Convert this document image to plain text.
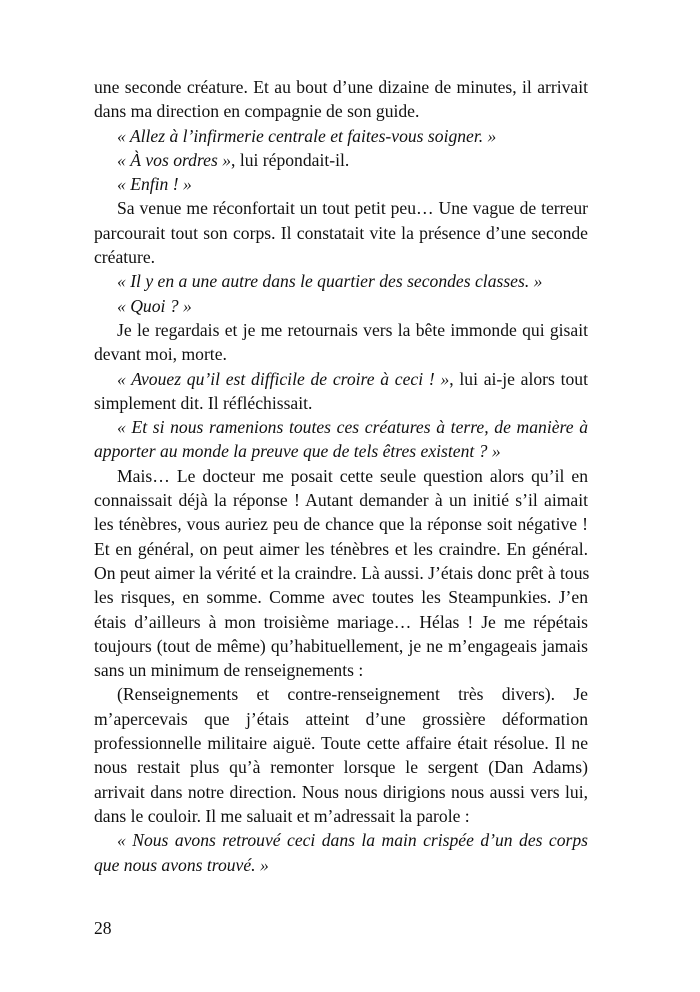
une seconde créature. Et au bout d’une dizaine de minutes, il arrivait
dans ma direction en compagnie de son guide.
« Allez à l’infirmerie centrale et faites-vous soigner. »
« À vos ordres », lui répondait-il.
« Enfin ! »
Sa venue me réconfortait un tout petit peu… Une vague de terreur
parcourait tout son corps. Il constatait vite la présence d’une seconde
créature.
« Il y en a une autre dans le quartier des secondes classes. »
« Quoi ? »
Je le regardais et je me retournais vers la bête immonde qui gisait
devant moi, morte.
« Avouez qu’il est difficile de croire à ceci ! », lui ai-je alors tout
simplement dit. Il réfléchissait.
« Et si nous ramenions toutes ces créatures à terre, de manière à
apporter au monde la preuve que de tels êtres existent ? »
Mais… Le docteur me posait cette seule question alors qu’il en
connaissait déjà la réponse ! Autant demander à un initié s’il aimait
les ténèbres, vous auriez peu de chance que la réponse soit négative !
Et en général, on peut aimer les ténèbres et les craindre. En général.
On peut aimer la vérité et la craindre. Là aussi. J’étais donc prêt à tous
les risques, en somme. Comme avec toutes les Steampunkies. J’en
étais d’ailleurs à mon troisième mariage… Hélas ! Je me répétais
toujours (tout de même) qu’habituellement, je ne m’engageais jamais
sans un minimum de renseignements :
(Renseignements et contre-renseignement très divers). Je
m’apercevais que j’étais atteint d’une grossière déformation
professionnelle militaire aiguë. Toute cette affaire était résolue. Il ne
nous restait plus qu’à remonter lorsque le sergent (Dan Adams)
arrivait dans notre direction. Nous nous dirigions nous aussi vers lui,
dans le couloir. Il me saluait et m’adressait la parole :
« Nous avons retrouvé ceci dans la main crispée d’un des corps
que nous avons trouvé. »
28
